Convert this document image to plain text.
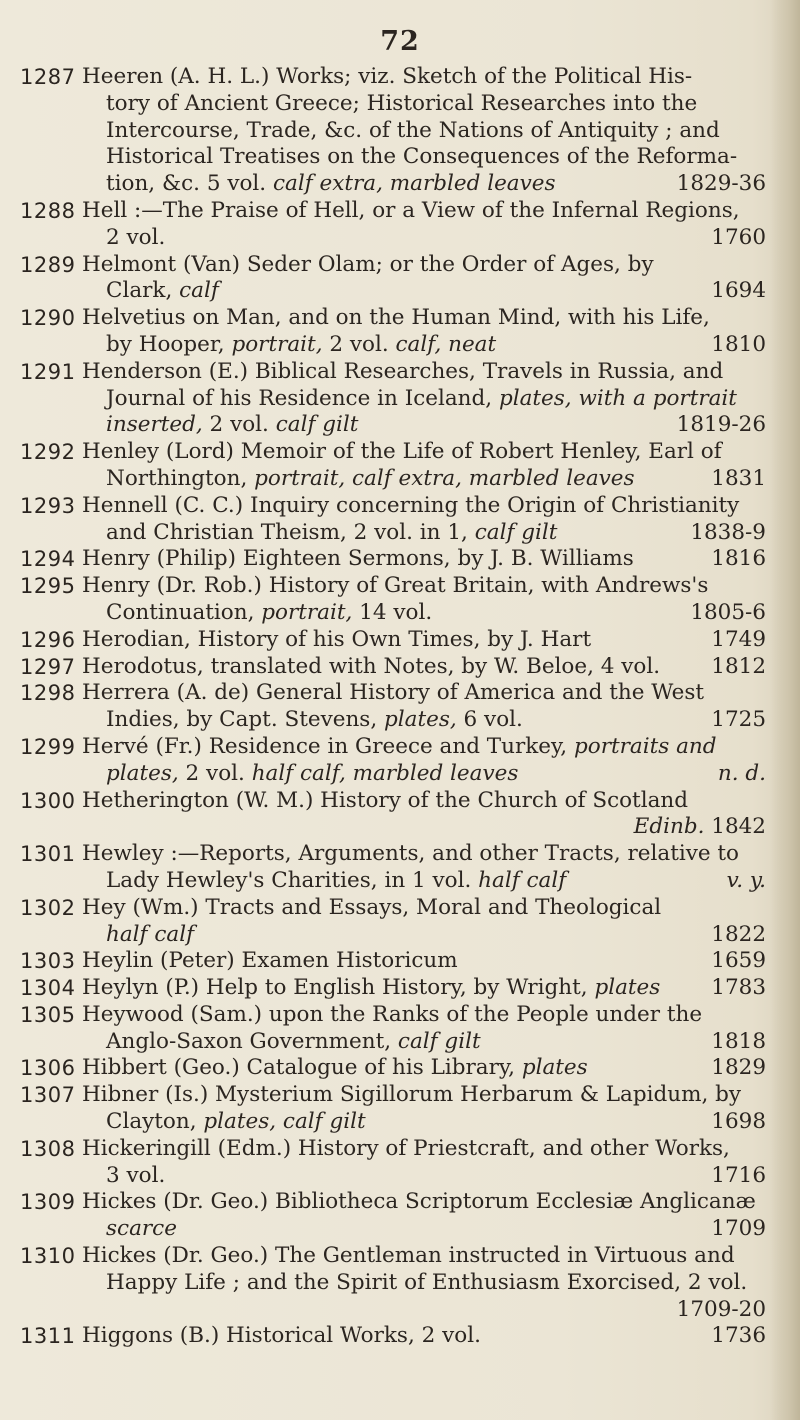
72
1287 Heeren (A. H. L.) Works; viz. Sketch of the Political His-
tory of Ancient Greece; Historical Researches into the
Intercourse, Trade, &c. of the Nations of Antiquity ; and
Historical Treatises on the Consequences of the Reforma-
tion, &c. 5 vol. calf extra, marbled leaves	1829-36
1288 Hell :—The Praise of Hell, or a View of the Infernal Regions,
2 vol.	1760
1289 Helmont (Van) Seder Olam; or the Order of Ages, by
Clark, calf	1694
1290 Helvetius on Man, and on the Human Mind, with his Life,
by Hooper, portrait, 2 vol. calf, neat	1810
1291 Henderson (E.) Biblical Researches, Travels in Russia, and
Journal of his Residence in Iceland, plates, with a portrait
inserted, 2 vol. calf gilt	1819-26
1292 Henley (Lord) Memoir of the Life of Robert Henley, Earl of
Northington, portrait, calf extra, marbled leaves	1831
1293 Hennell (C. C.) Inquiry concerning the Origin of Christianity
and Christian Theism, 2 vol. in 1, calf gilt	1838-9
1294 Henry (Philip) Eighteen Sermons, by J. B. Williams	1816
1295 Henry (Dr. Rob.) History of Great Britain, with Andrews's
Continuation, portrait, 14 vol.	1805-6
1296 Herodian, History of his Own Times, by J. Hart	1749
1297 Herodotus, translated with Notes, by W. Beloe, 4 vol. 1812
1298 Herrera (A. de) General History of America and the West
Indies, by Capt. Stevens, plates, 6 vol.	1725
1299 Hervé (Fr.) Residence in Greece and Turkey, portraits and
plates, 2 vol. half calf, marbled leaves	n. d.
1300 Hetherington (W. M.) History of the Church of Scotland
Edinb. 1842
1301 Hewley :—Reports, Arguments, and other Tracts, relative to
Lady Hewley's Charities, in 1 vol. half calf	v. y.
1302 Hey (Wm.) Tracts and Essays, Moral and Theological
half calf	1822
1303 Heylin (Peter) Examen Historicum	1659
1304 Heylyn (P.) Help to English History, by Wright, plates 1783
1305 Heywood (Sam.) upon the Ranks of the People under the
Anglo-Saxon Government, calf gilt	1818
1306 Hibbert (Geo.) Catalogue of his Library, plates	1829
1307 Hibner (Is.) Mysterium Sigillorum Herbarum & Lapidum, by
Clayton, plates, calf gilt	1698
1308 Hickeringill (Edm.) History of Priestcraft, and other Works,
3 vol.	1716
1309 Hickes (Dr. Geo.) Bibliotheca Scriptorum Ecclesiæ Anglicanæ
scarce	1709
1310 Hickes (Dr. Geo.) The Gentleman instructed in Virtuous and
Happy Life ; and the Spirit of Enthusiasm Exorcised, 2 vol.
1709-20
1311 Higgons (B.) Historical Works, 2 vol.	1736
